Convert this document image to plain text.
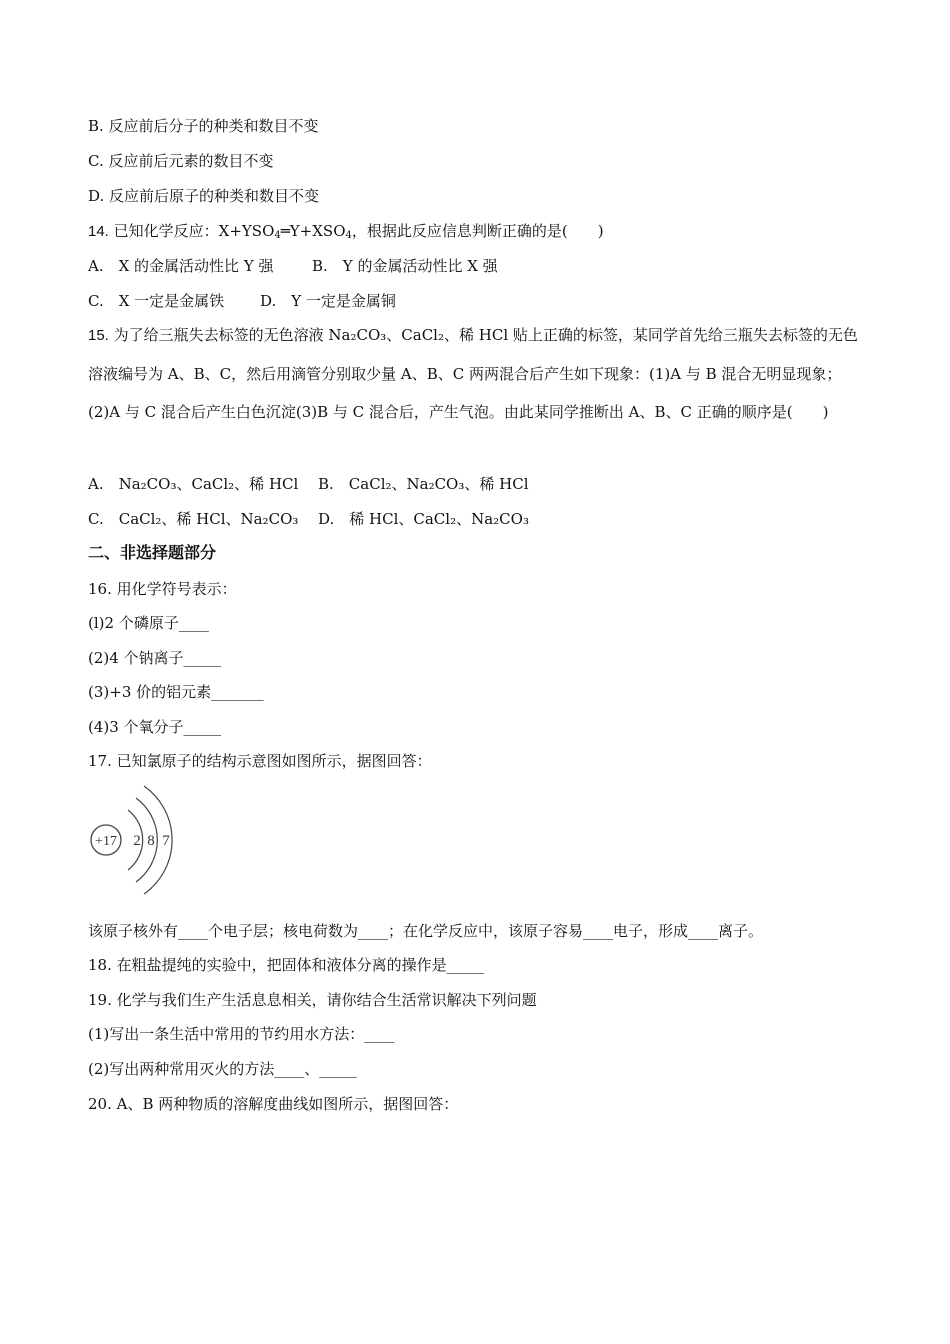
B. 反应前后分子的种类和数目不变
C. 反应前后元素的数目不变
D. 反应前后原子的种类和数目不变
14. 已知化学反应：$X+YSO_4═Y+XSO_4$，根据此反应信息判断正确的是(　　)
A.　X 的金属活动性比 Y 强	B.　Y 的金属活动性比 X 强
C.　X 一定是金属铁 D.　Y 一定是金属铜
15. 为了给三瓶失去标签的无色溶液 Na₂CO₃、CaCl₂、稀 HCl 贴上正确的标签，某同学首先给三瓶失去标签的无色溶液编号为 A、B、C，然后用滴管分别取少量 A、B、C 两两混合后产生如下现象：(1)A 与 B 混合无明显现象；(2)A 与 C 混合后产生白色沉淀(3)B 与 C 混合后，产生气泡。由此某同学推断出 A、B、C 正确的顺序是(　　)
A.　Na₂CO₃、CaCl₂、稀 HCl B.　CaCl₂、Na₂CO₃、稀 HCl
C.　CaCl₂、稀 HCl、Na₂CO₃ D.　稀 HCl、CaCl₂、Na₂CO₃
二、非选择题部分
16. 用化学符号表示：
(l)2 个磷原子____
(2)4 个钠离子_____
(3)+3 价的铝元素_______
(4)3 个氧分子_____
17. 已知氯原子的结构示意图如图所示，据图回答：
+17 2 8 7
该原子核外有____个电子层；核电荷数为____；在化学反应中，该原子容易____电子，形成____离子。
18. 在粗盐提纯的实验中，把固体和液体分离的操作是_____
19. 化学与我们生产生活息息相关，请你结合生活常识解决下列问题
(1)写出一条生活中常用的节约用水方法：____
(2)写出两种常用灭火的方法____、_____
20. A、B 两种物质的溶解度曲线如图所示，据图回答：
